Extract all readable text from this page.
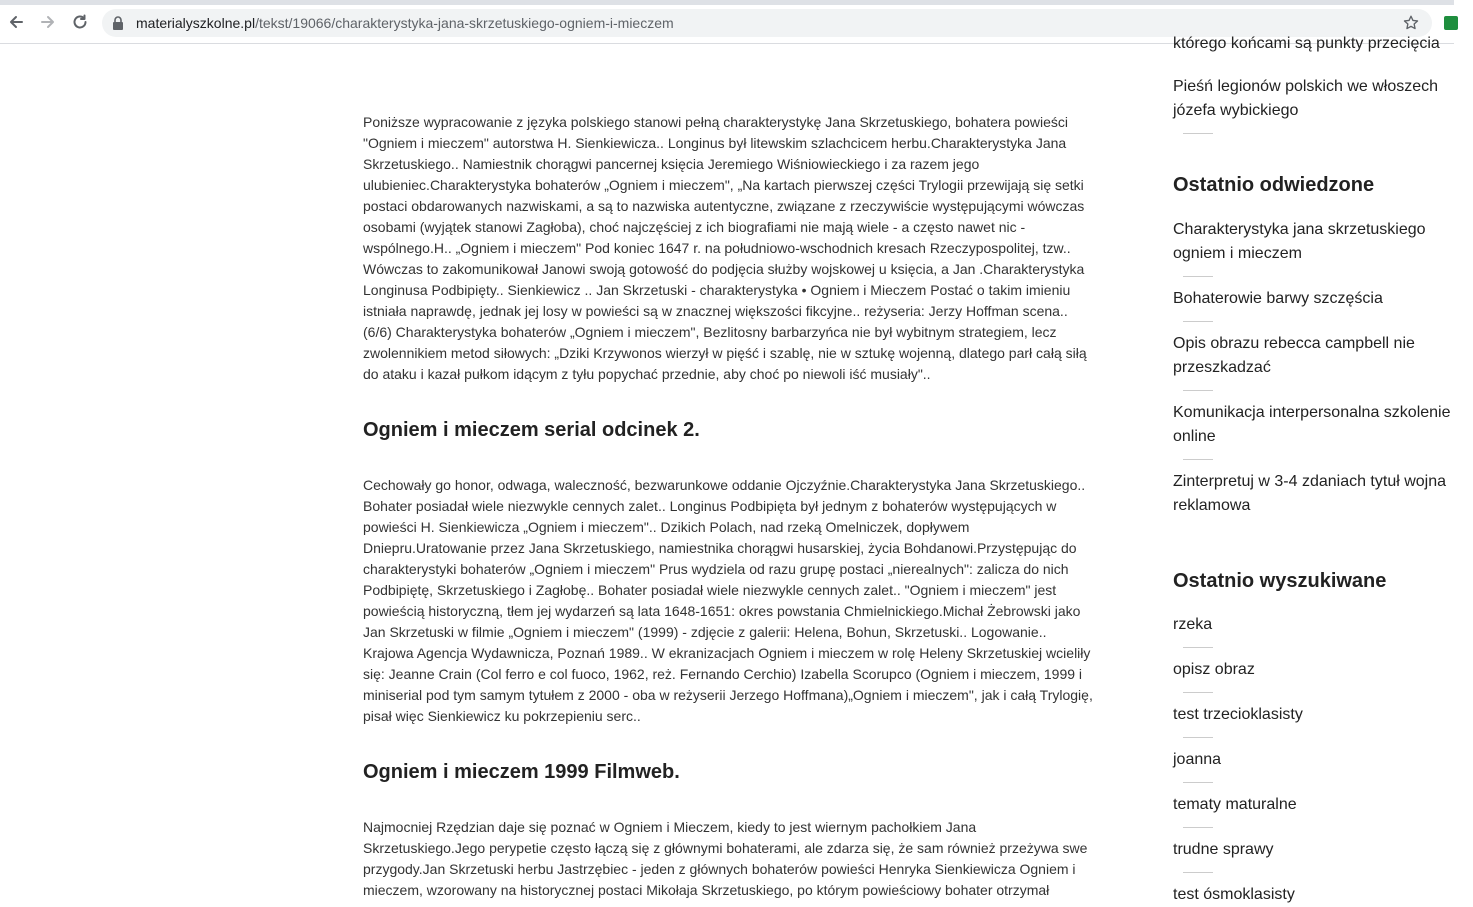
materialyszkolne.pl/tekst/19066/charakterystyka-jana-skrzetuskiego-ogniem-i-mieczem

Poniższe wypracowanie z języka polskiego stanowi pełną charakterystykę Jana Skrzetuskiego, bohatera powieści "Ogniem i mieczem" autorstwa H. Sienkiewicza.. Longinus był litewskim szlachcicem herbu.Charakterystyka Jana Skrzetuskiego.. Namiestnik chorągwi pancernej księcia Jeremiego Wiśniowieckiego i za razem jego ulubieniec.Charakterystyka bohaterów „Ogniem i mieczem", „Na kartach pierwszej części Trylogii przewijają się setki postaci obdarowanych nazwiskami, a są to nazwiska autentyczne, związane z rzeczywiście występującymi wówczas osobami (wyjątek stanowi Zagłoba), choć najczęściej z ich biografiami nie mają wiele - a często nawet nic - wspólnego.H.. „Ogniem i mieczem" Pod koniec 1647 r. na południowo-wschodnich kresach Rzeczypospolitej, tzw.. Wówczas to zakomunikował Janowi swoją gotowość do podjęcia służby wojskowej u księcia, a Jan .Charakterystyka Longinusa Podbipięty.. Sienkiewicz .. Jan Skrzetuski - charakterystyka • Ogniem i Mieczem Postać o takim imieniu istniała naprawdę, jednak jej losy w powieści są w znacznej większości fikcyjne.. reżyseria: Jerzy Hoffman scena.. (6/6) Charakterystyka bohaterów „Ogniem i mieczem", Bezlitosny barbarzyńca nie był wybitnym strategiem, lecz zwolennikiem metod siłowych: „Dziki Krzywonos wierzył w pięść i szablę, nie w sztukę wojenną, dlatego parł całą siłą do ataku i kazał pułkom idącym z tyłu popychać przednie, aby choć po niewoli iść musiały"..

Ogniem i mieczem serial odcinek 2.

Cechowały go honor, odwaga, waleczność, bezwarunkowe oddanie Ojczyźnie.Charakterystyka Jana Skrzetuskiego.. Bohater posiadał wiele niezwykle cennych zalet.. Longinus Podbipięta był jednym z bohaterów występujących w powieści H. Sienkiewicza „Ogniem i mieczem".. Dzikich Polach, nad rzeką Omelniczek, dopływem Dniepru.Uratowanie przez Jana Skrzetuskiego, namiestnika chorągwi husarskiej, życia Bohdanowi.Przystępując do charakterystyki bohaterów „Ogniem i mieczem" Prus wydziela od razu grupę postaci „nierealnych": zalicza do nich Podbipiętę, Skrzetuskiego i Zagłobę.. Bohater posiadał wiele niezwykle cennych zalet.. "Ogniem i mieczem" jest powieścią historyczną, tłem jej wydarzeń są lata 1648-1651: okres powstania Chmielnickiego.Michał Żebrowski jako Jan Skrzetuski w filmie „Ogniem i mieczem" (1999) - zdjęcie z galerii: Helena, Bohun, Skrzetuski.. Logowanie.. Krajowa Agencja Wydawnicza, Poznań 1989.. W ekranizacjach Ogniem i mieczem w rolę Heleny Skrzetuskiej wcieliły się: Jeanne Crain (Col ferro e col fuoco, 1962, reż. Fernando Cerchio) Izabella Scorupco (Ogniem i mieczem, 1999 i miniserial pod tym samym tytułem z 2000 - oba w reżyserii Jerzego Hoffmana)„Ogniem i mieczem", jak i całą Trylogię, pisał więc Sienkiewicz ku pokrzepieniu serc..

Ogniem i mieczem 1999 Filmweb.

Najmocniej Rzędzian daje się poznać w Ogniem i Mieczem, kiedy to jest wiernym pachołkiem Jana Skrzetuskiego.Jego perypetie często łączą się z głównymi bohaterami, ale zdarza się, że sam również przeżywa swe przygody.Jan Skrzetuski herbu Jastrzębiec - jeden z głównych bohaterów powieści Henryka Sienkiewicza Ogniem i mieczem, wzorowany na historycznej postaci Mikołaja Skrzetuskiego, po którym powieściowy bohater otrzymał

którego końcami są punkty przecięcia
Pieśń legionów polskich we włoszech józefa wybickiego
Ostatnio odwiedzone
Charakterystyka jana skrzetuskiego ogniem i mieczem
Bohaterowie barwy szczęścia
Opis obrazu rebecca campbell nie przeszkadzać
Komunikacja interpersonalna szkolenie online
Zinterpretuj w 3-4 zdaniach tytuł wojna reklamowa
Ostatnio wyszukiwane
rzeka
opisz obraz
test trzecioklasisty
joanna
tematy maturalne
trudne sprawy
test ósmoklasisty
